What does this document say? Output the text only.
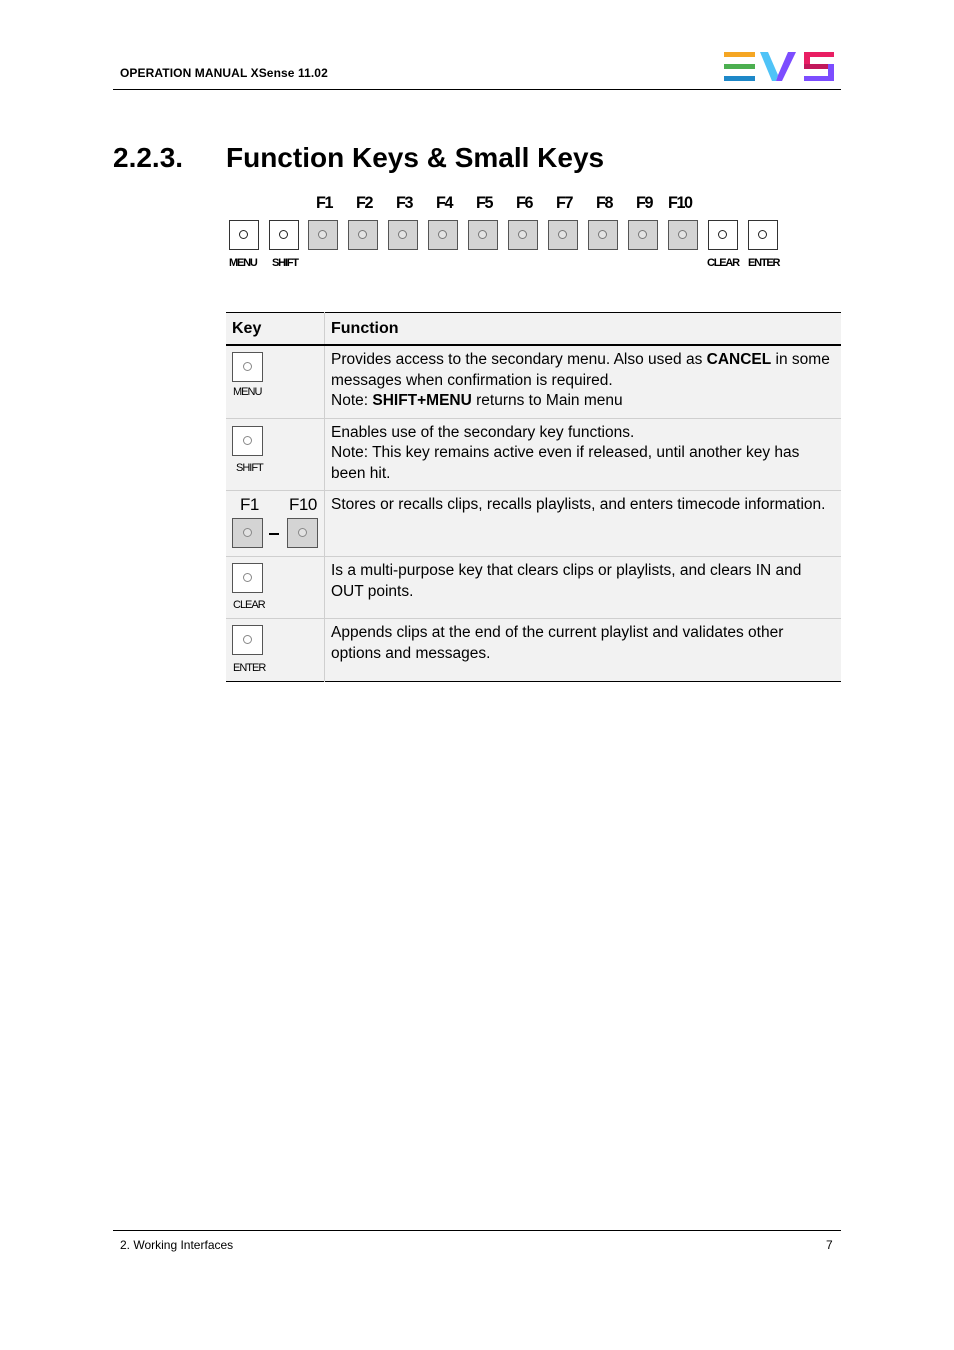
OPERATION MANUAL XSense 11.02
2.2.3. Function Keys & Small Keys
F1 F2 F3 F4 F5 F6 F7 F8 F9 F10
MENU SHIFT	CLEAR ENTER
Key	Function

MENU	Provides access to the secondary menu. Also used as CANCEL in some messages when confirmation is required.
Note: SHIFT+MENU returns to Main menu

SHIFT	Enables use of the secondary key functions.
Note: This key remains active even if released, until another key has been hit.

F1 F10	Stores or recalls clips, recalls playlists, and enters timecode information.

CLEAR	Is a multi-purpose key that clears clips or playlists, and clears IN and OUT points.

ENTER	Appends clips at the end of the current playlist and validates other options and messages.
2. Working Interfaces	7
